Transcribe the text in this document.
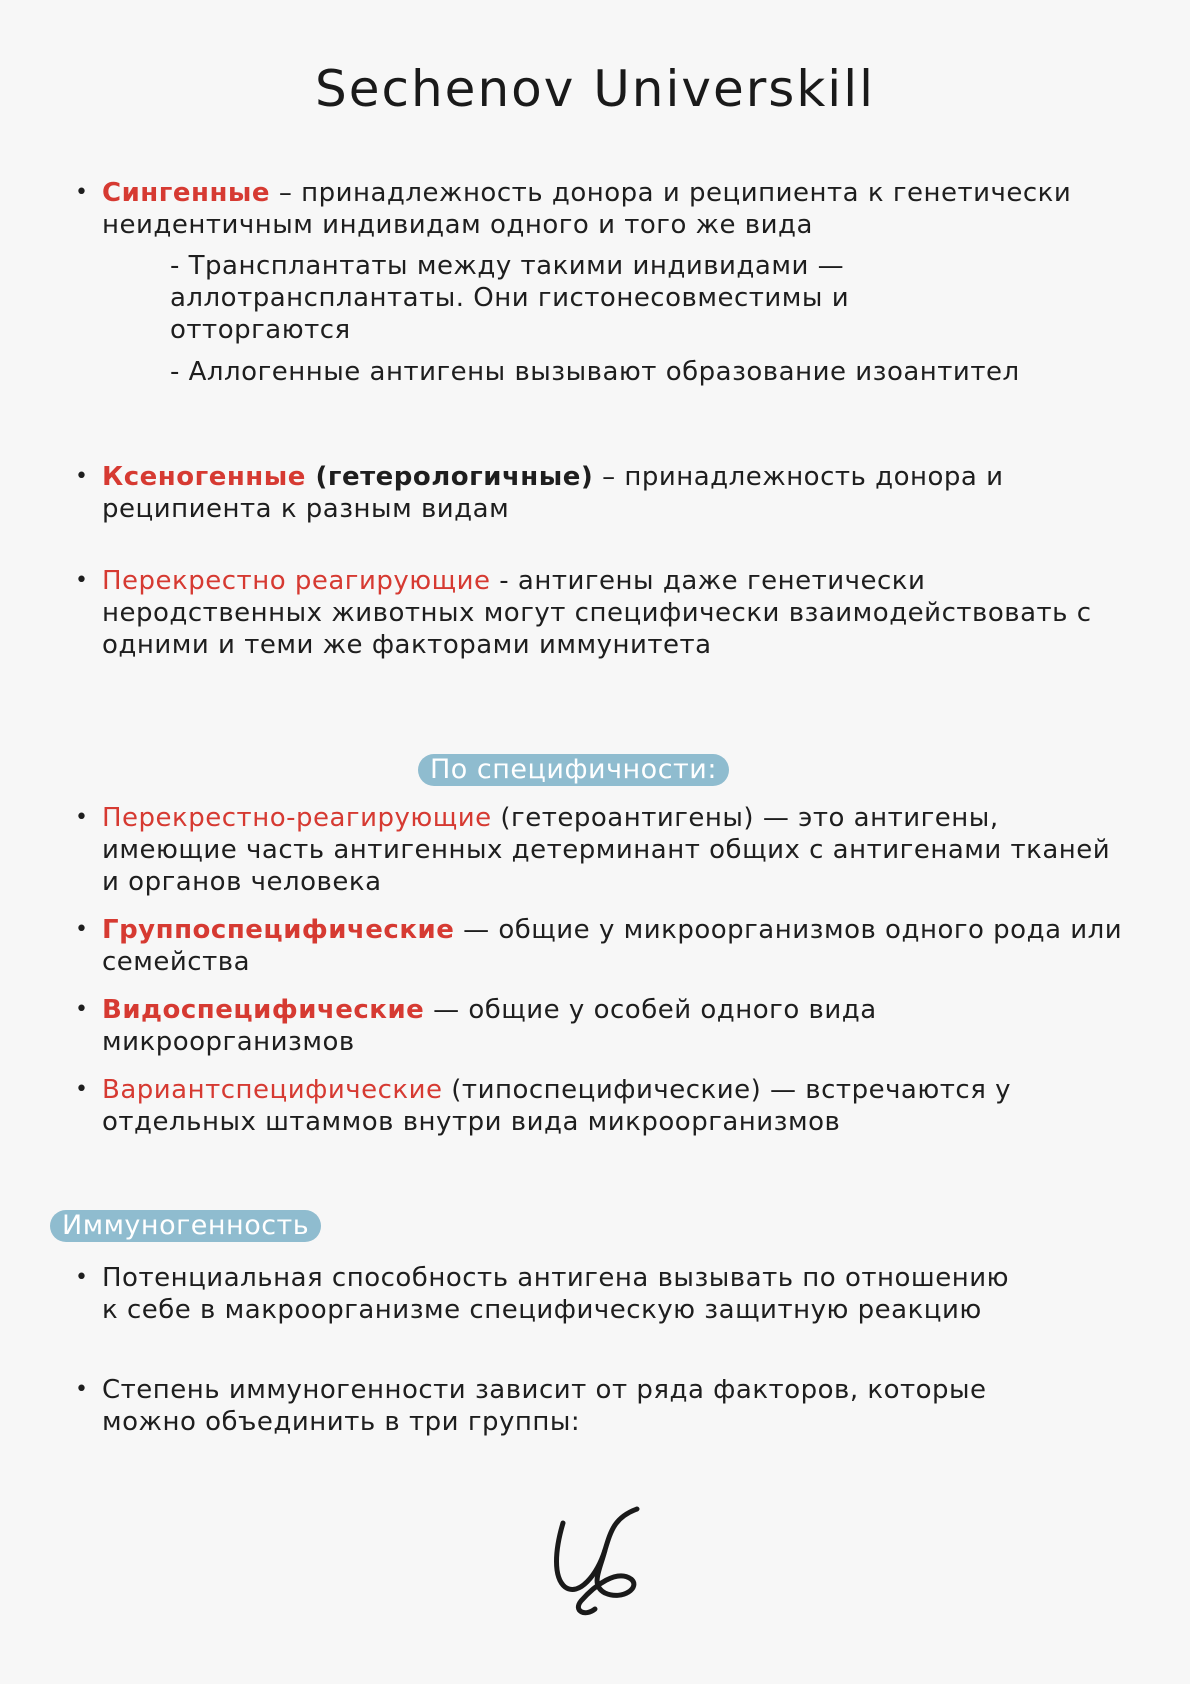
Sechenov Universkill
• Сингенные – принадлежность донора и реципиента к генетически неидентичным индивидам одного и того же вида
- Трансплантаты между такими индивидами — аллотрансплантаты. Они гистонесовместимы и отторгаются
- Аллогенные антигены вызывают образование изоантител
• Ксеногенные (гетерологичные) – принадлежность донора и реципиента к разным видам
• Перекрестно реагирующие - антигены даже генетически неродственных животных могут специфически взаимодействовать с одними и теми же факторами иммунитета
По специфичности:
• Перекрестно-реагирующие (гетероантигены) — это антигены, имеющие часть антигенных детерминант общих с антигенами тканей и органов человека
• Группоспецифические — общие у микроорганизмов одного рода или семейства
• Видоспецифические — общие у особей одного вида микроорганизмов
• Вариантспецифические (типоспецифические) — встречаются у отдельных штаммов внутри вида микроорганизмов
Иммуногенность
• Потенциальная способность антигена вызывать по отношению к себе в макроорганизме специфическую защитную реакцию
• Степень иммуногенности зависит от ряда факторов, которые можно объединить в три группы:
